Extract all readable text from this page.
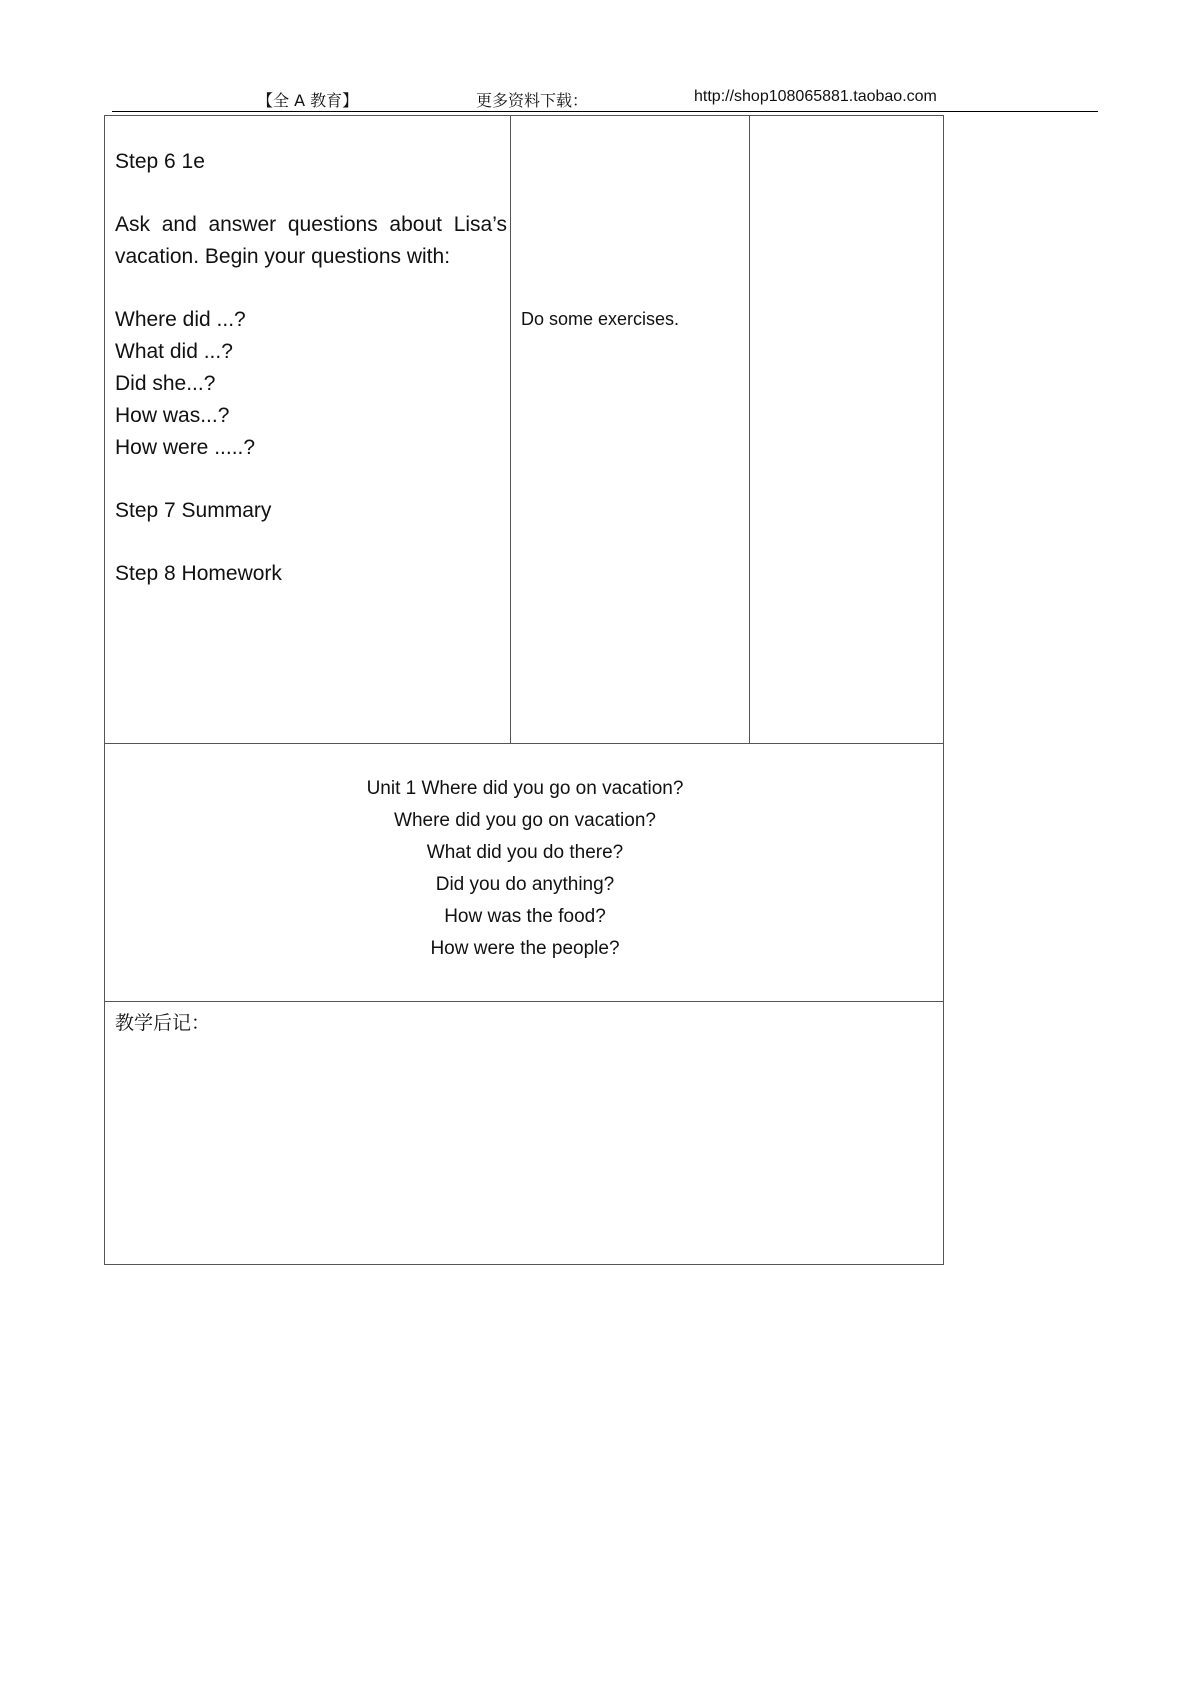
【全 A 教育】	更多资料下载：	http://shop108065881.taobao.com

Step 6 1e

Ask and answer questions about Lisa’s vacation. Begin your questions with:

Where did ...?

What did ...?

Did she...?

How was...?

How were .....?

Step 7 Summary

Step 8 Homework

Do some exercises.
Unit 1 Where did you go on vacation?
Where did you go on vacation?
What did you do there?
Did you do anything?
How was the food?
How were the people?
教学后记：
